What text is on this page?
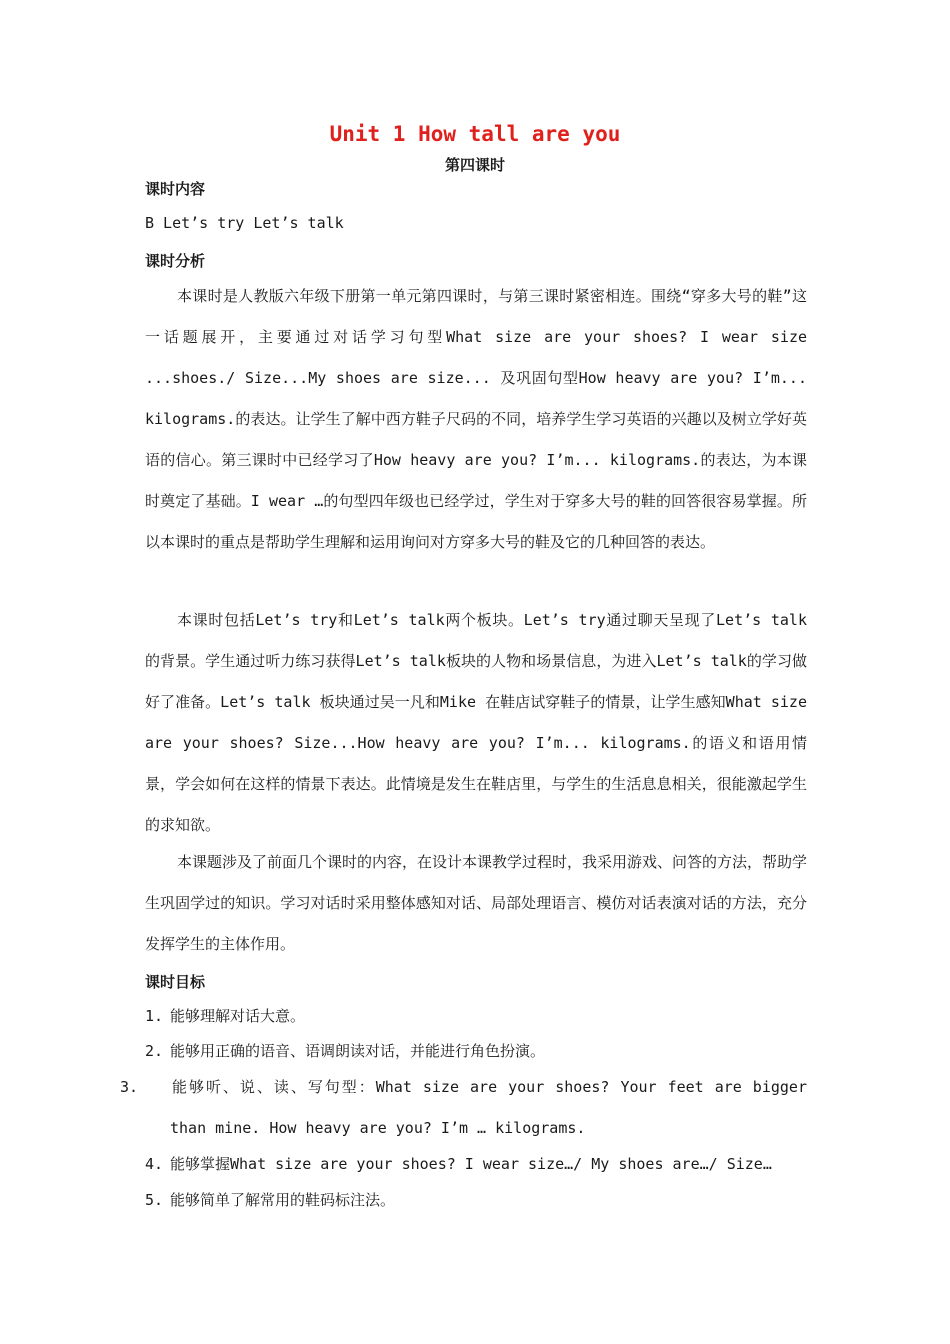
Unit 1 How tall are you
第四课时
课时内容
B Let’s try Let’s talk
课时分析
本课时是人教版六年级下册第一单元第四课时，与第三课时紧密相连。围绕“穿多大号的鞋”这一话题展开，主要通过对话学习句型What size are your shoes? I wear size ...shoes./ Size...My shoes are size... 及巩固句型How heavy are you? I’m... kilograms.的表达。让学生了解中西方鞋子尺码的不同，培养学生学习英语的兴趣以及树立学好英语的信心。第三课时中已经学习了How heavy are you? I’m... kilograms.的表达，为本课时奠定了基础。I wear …的句型四年级也已经学过，学生对于穿多大号的鞋的回答很容易掌握。所以本课时的重点是帮助学生理解和运用询问对方穿多大号的鞋及它的几种回答的表达。
本课时包括Let’s try和Let’s talk两个板块。Let’s try通过聊天呈现了Let’s talk 的背景。学生通过听力练习获得Let’s talk板块的人物和场景信息，为进入Let’s talk的学习做好了准备。Let’s talk 板块通过吴一凡和Mike 在鞋店试穿鞋子的情景，让学生感知What size are your shoes? Size...How heavy are you? I’m... kilograms.的语义和语用情景，学会如何在这样的情景下表达。此情境是发生在鞋店里，与学生的生活息息相关，很能激起学生的求知欲。
本课题涉及了前面几个课时的内容，在设计本课教学过程时，我采用游戏、问答的方法，帮助学生巩固学过的知识。学习对话时采用整体感知对话、局部处理语言、模仿对话表演对话的方法，充分发挥学生的主体作用。
课时目标
1. 能够理解对话大意。
2. 能够用正确的语音、语调朗读对话，并能进行角色扮演。
3. 能够听、说、读、写句型：What size are your shoes? Your feet are bigger than mine. How heavy are you? I’m … kilograms.
4. 能够掌握What size are your shoes? I wear size…/ My shoes are…/ Size…
5. 能够简单了解常用的鞋码标注法。
